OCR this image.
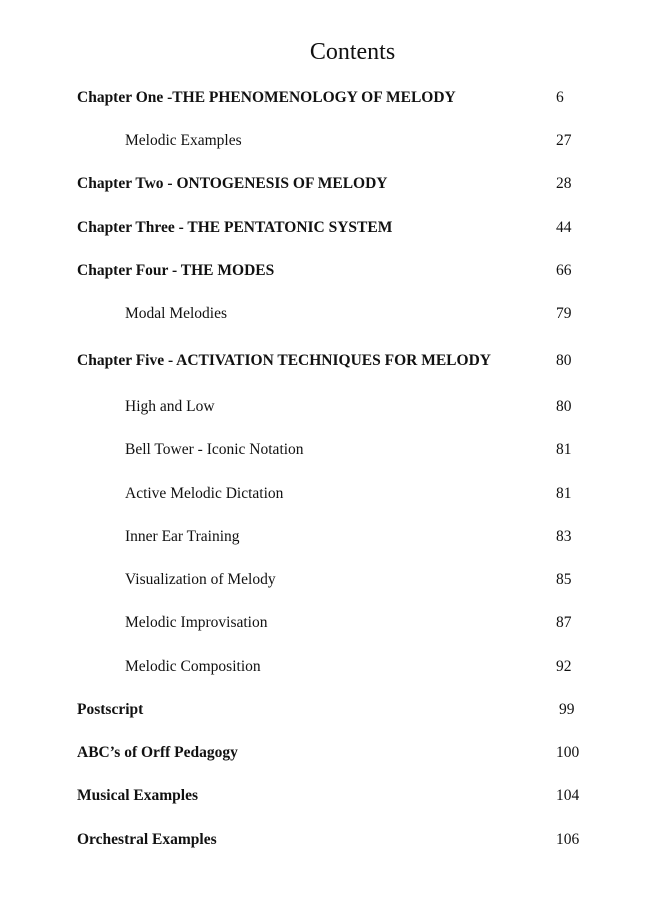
Contents
Chapter One -THE PHENOMENOLOGY OF MELODY	6
Melodic Examples	27
Chapter Two - ONTOGENESIS OF MELODY	28
Chapter Three - THE PENTATONIC SYSTEM	44
Chapter Four - THE MODES	66
Modal Melodies	79
Chapter Five - ACTIVATION TECHNIQUES FOR MELODY	80
High and Low	80
Bell Tower - Iconic Notation	81
Active Melodic Dictation	81
Inner Ear Training	83
Visualization of Melody	85
Melodic Improvisation	87
Melodic Composition	92
Postscript	99
ABC’s of Orff Pedagogy	100
Musical Examples	104
Orchestral Examples	106
